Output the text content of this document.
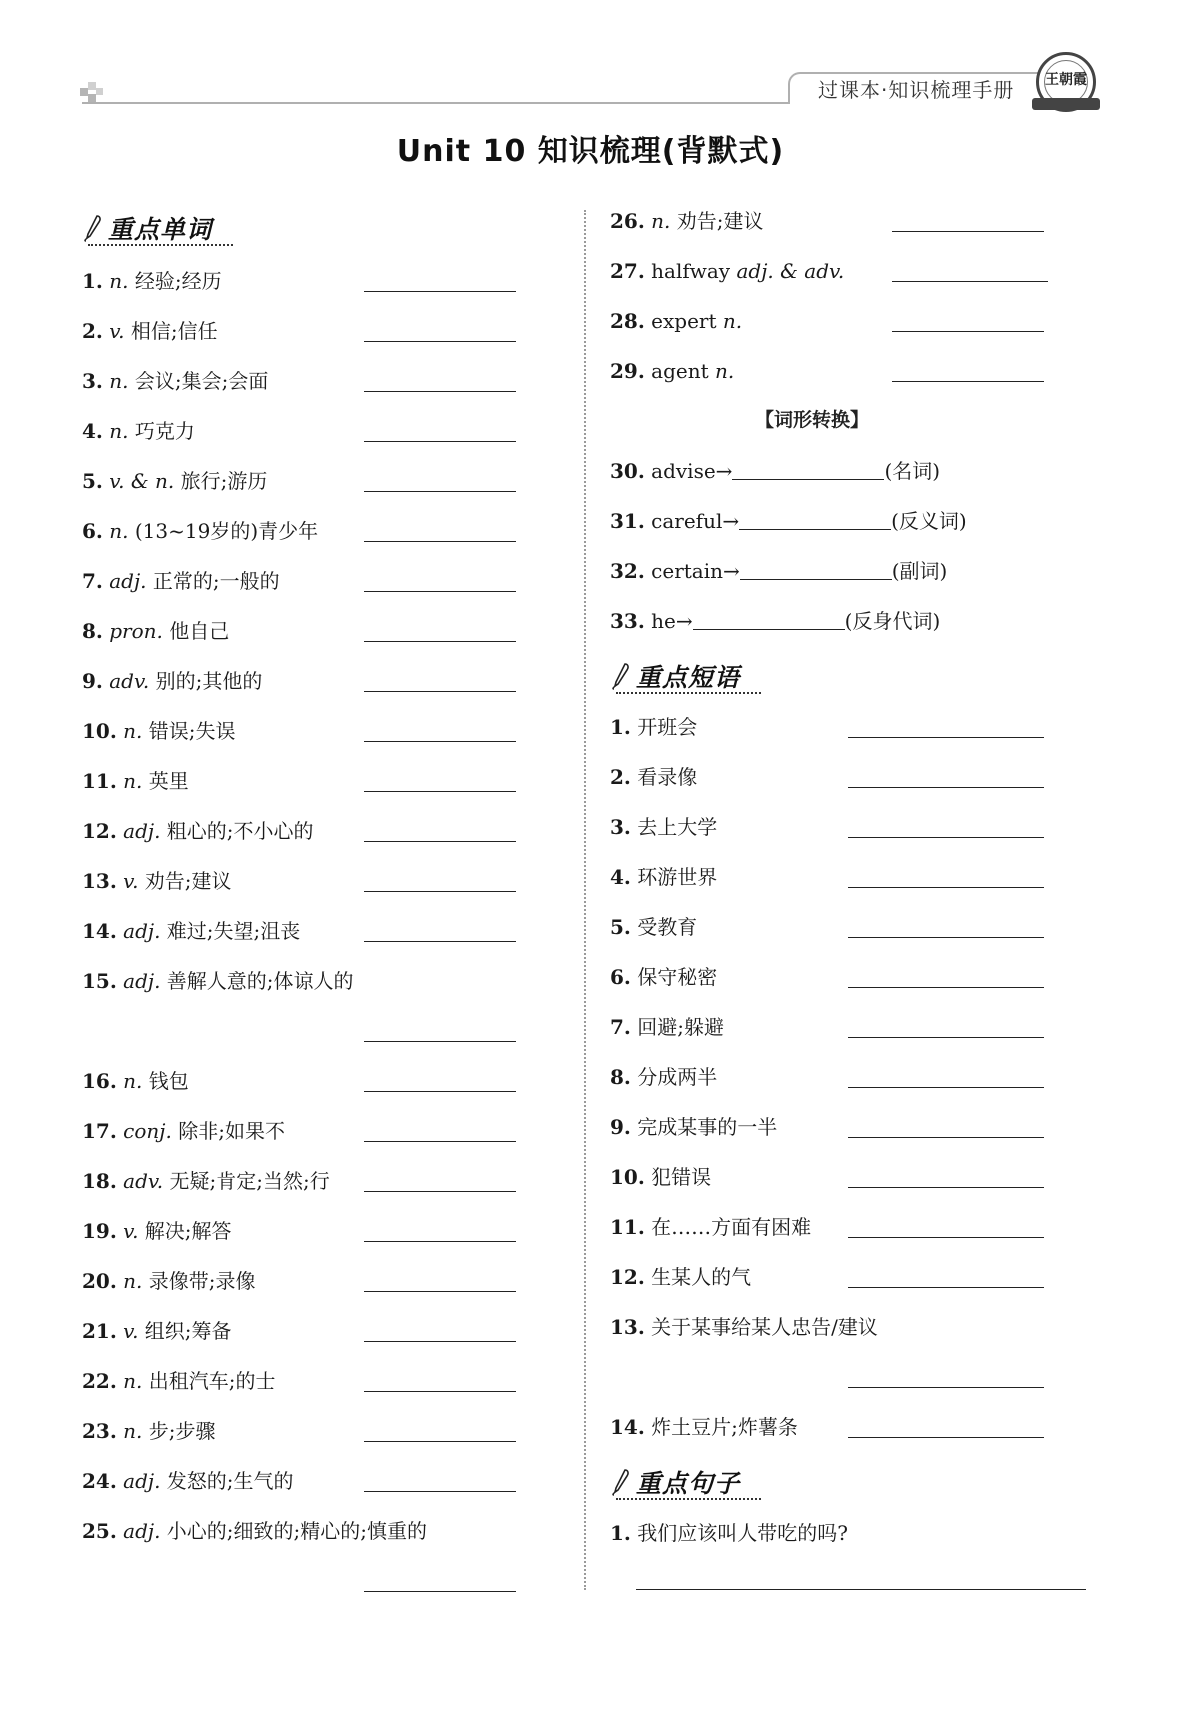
过课本·知识梳理手册	王朝霞
Unit 10 知识梳理(背默式)
重点单词
1. n. 经验;经历
2. v. 相信;信任
3. n. 会议;集会;会面
4. n. 巧克力
5. v. & n. 旅行;游历
6. n. (13~19岁的)青少年
7. adj. 正常的;一般的
8. pron. 他自己
9. adv. 别的;其他的
10. n. 错误;失误
11. n. 英里
12. adj. 粗心的;不小心的
13. v. 劝告;建议
14. adj. 难过;失望;沮丧
15. adj. 善解人意的;体谅人的
16. n. 钱包
17. conj. 除非;如果不
18. adv. 无疑;肯定;当然;行
19. v. 解决;解答
20. n. 录像带;录像
21. v. 组织;筹备
22. n. 出租汽车;的士
23. n. 步;步骤
24. adj. 发怒的;生气的
25. adj. 小心的;细致的;精心的;慎重的
26. n. 劝告;建议
27. halfway adj. & adv.
28. expert n.
29. agent n.
【词形转换】
30. advise→	(名词)
31. careful→	(反义词)
32. certain→	(副词)
33. he→	(反身代词)
重点短语
1. 开班会
2. 看录像
3. 去上大学
4. 环游世界
5. 受教育
6. 保守秘密
7. 回避;躲避
8. 分成两半
9. 完成某事的一半
10. 犯错误
11. 在……方面有困难
12. 生某人的气
13. 关于某事给某人忠告/建议
14. 炸土豆片;炸薯条
重点句子
1. 我们应该叫人带吃的吗?
